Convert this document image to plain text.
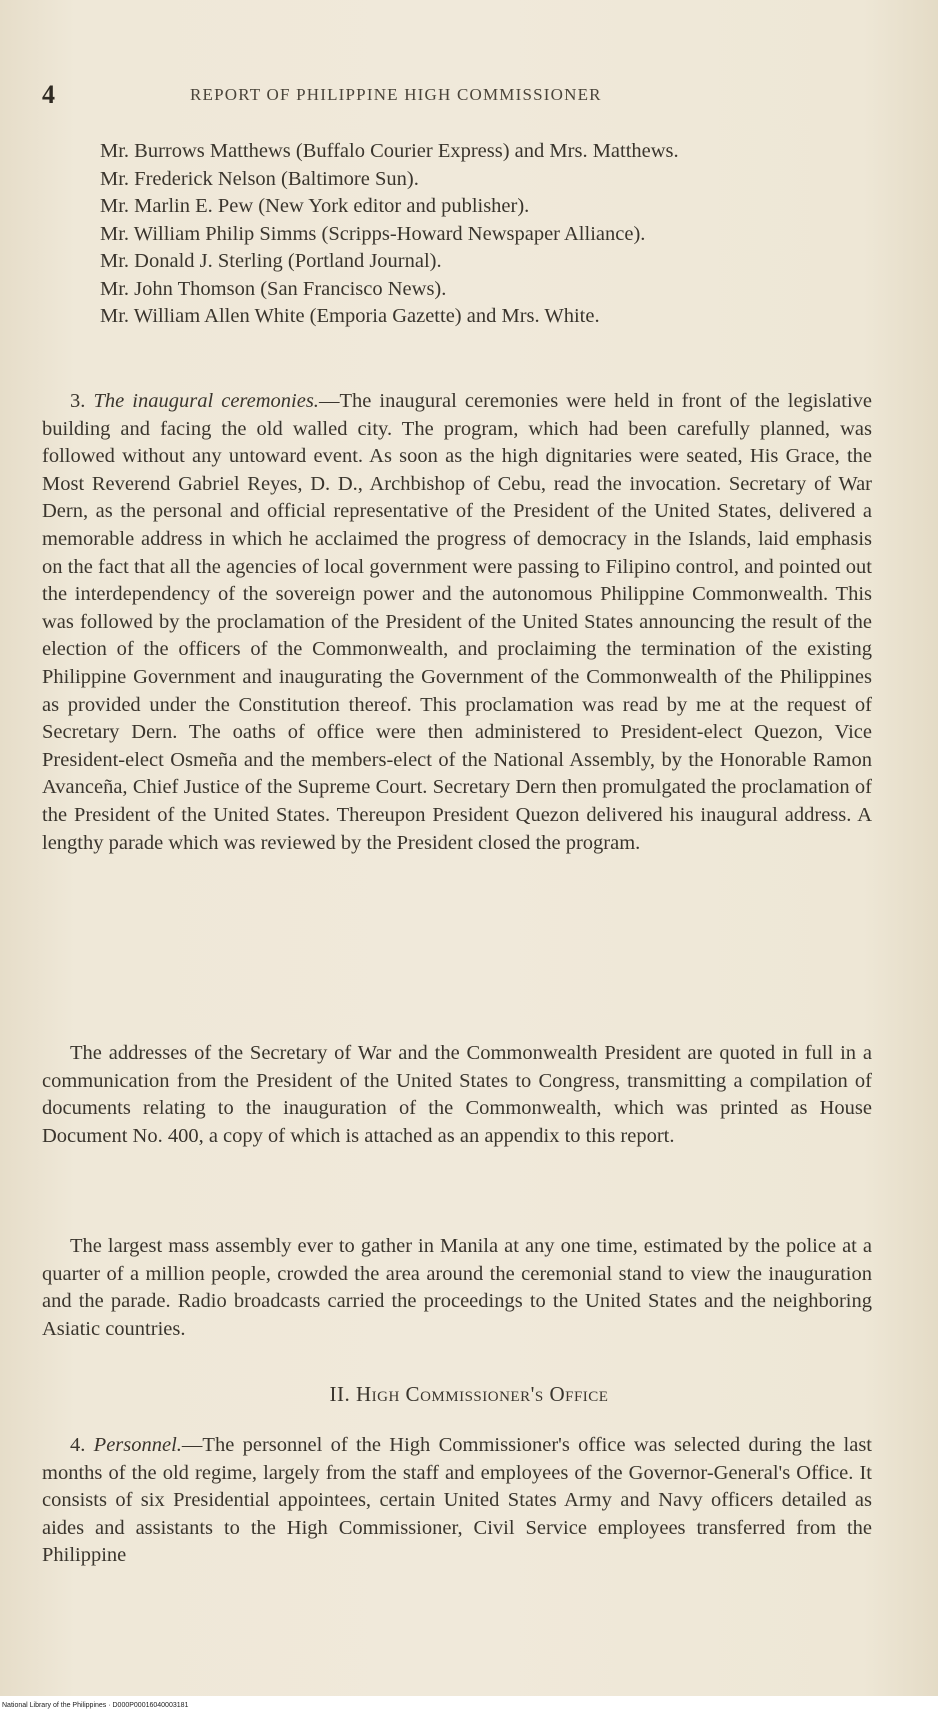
4	REPORT OF PHILIPPINE HIGH COMMISSIONER
Mr. Burrows Matthews (Buffalo Courier Express) and Mrs. Matthews.
Mr. Frederick Nelson (Baltimore Sun).
Mr. Marlin E. Pew (New York editor and publisher).
Mr. William Philip Simms (Scripps-Howard Newspaper Alliance).
Mr. Donald J. Sterling (Portland Journal).
Mr. John Thomson (San Francisco News).
Mr. William Allen White (Emporia Gazette) and Mrs. White.

3. The inaugural ceremonies.—The inaugural ceremonies were held in front of the legislative building and facing the old walled city. The program, which had been carefully planned, was followed without any untoward event. As soon as the high dignitaries were seated, His Grace, the Most Reverend Gabriel Reyes, D. D., Archbishop of Cebu, read the invocation. Secretary of War Dern, as the personal and official representative of the President of the United States, delivered a memorable address in which he acclaimed the progress of democracy in the Islands, laid emphasis on the fact that all the agencies of local government were passing to Filipino control, and pointed out the interdependency of the sovereign power and the autonomous Philippine Commonwealth. This was followed by the proclamation of the President of the United States announcing the result of the election of the officers of the Commonwealth, and proclaiming the termination of the existing Philippine Government and inaugurating the Government of the Commonwealth of the Philippines as provided under the Constitution thereof. This proclamation was read by me at the request of Secretary Dern. The oaths of office were then administered to President-elect Quezon, Vice President-elect Osmeña and the members-elect of the National Assembly, by the Honorable Ramon Avanceña, Chief Justice of the Supreme Court. Secretary Dern then promulgated the proclamation of the President of the United States. Thereupon President Quezon delivered his inaugural address. A lengthy parade which was reviewed by the President closed the program.

The addresses of the Secretary of War and the Commonwealth President are quoted in full in a communication from the President of the United States to Congress, transmitting a compilation of documents relating to the inauguration of the Commonwealth, which was printed as House Document No. 400, a copy of which is attached as an appendix to this report.

The largest mass assembly ever to gather in Manila at any one time, estimated by the police at a quarter of a million people, crowded the area around the ceremonial stand to view the inauguration and the parade. Radio broadcasts carried the proceedings to the United States and the neighboring Asiatic countries.

II. High Commissioner's Office

4. Personnel.—The personnel of the High Commissioner's office was selected during the last months of the old regime, largely from the staff and employees of the Governor-General's Office. It consists of six Presidential appointees, certain United States Army and Navy officers detailed as aides and assistants to the High Commissioner, Civil Service employees transferred from the Philippine

National Library of the Philippines · D000P00016040003181
